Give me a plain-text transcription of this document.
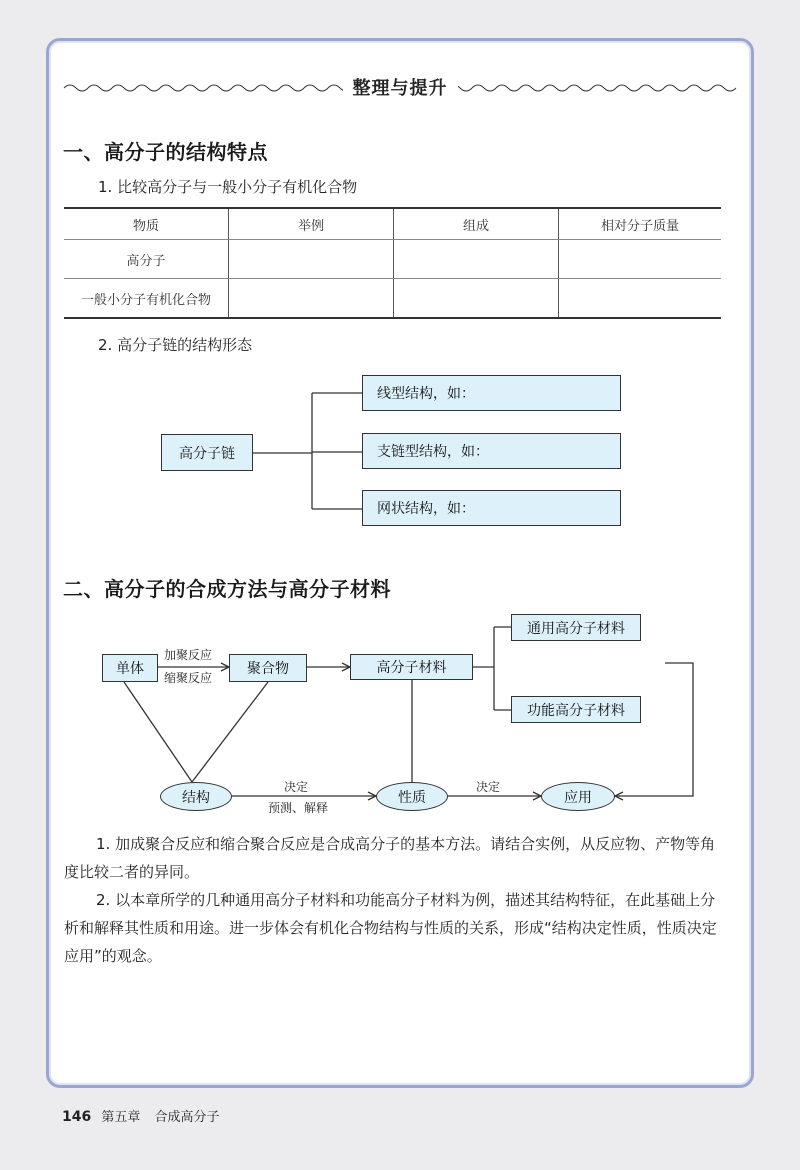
整理与提升
一、高分子的结构特点
1. 比较高分子与一般小分子有机化合物
物质	举例	组成	相对分子质量
高分子			
一般小分子有机化合物			
2. 高分子链的结构形态
高分子链
线型结构，如：
支链型结构，如：
网状结构，如：
二、高分子的合成方法与高分子材料
单体
加聚反应
缩聚反应
聚合物	高分子材料
通用高分子材料
功能高分子材料
结构
决定
预测、解释
性质
决定
应用

1. 加成聚合反应和缩合聚合反应是合成高分子的基本方法。请结合实例，从反应物、产物等角度比较二者的异同。

2. 以本章所学的几种通用高分子材料和功能高分子材料为例，描述其结构特征，在此基础上分析和解释其性质和用途。进一步体会有机化合物结构与性质的关系，形成“结构决定性质，性质决定应用”的观念。

146 第五章 合成高分子
